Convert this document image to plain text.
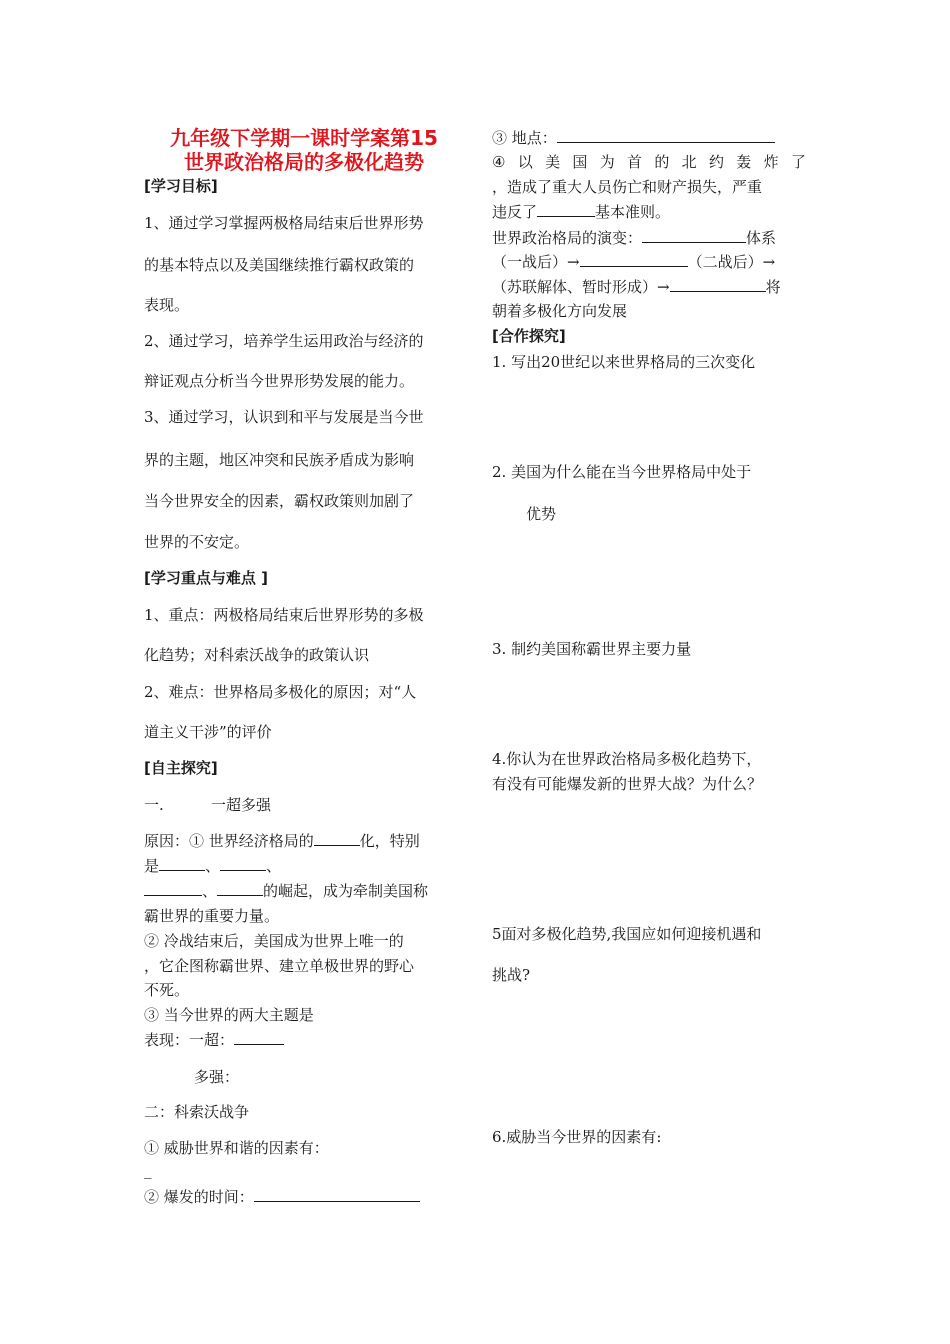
九年级下学期一课时学案第15
世界政治格局的多极化趋势
[学习目标]
1、通过学习掌握两极格局结束后世界形势
的基本特点以及美国继续推行霸权政策的
表现。
2、通过学习，培养学生运用政治与经济的
辩证观点分析当今世界形势发展的能力。
3、通过学习，认识到和平与发展是当今世
界的主题，地区冲突和民族矛盾成为影响
当今世界安全的因素，霸权政策则加剧了
世界的不安定。
[学习重点与难点 ]
1、重点：两极格局结束后世界形势的多极
化趋势；对科索沃战争的政策认识
2、难点：世界格局多极化的原因；对“人
道主义干涉”的评价
[自主探究]
一.	一超多强
原因：① 世界经济格局的	化，特别
是	、	、
、	的崛起，成为牵制美国称
霸世界的重要力量。
② 冷战结束后，美国成为世界上唯一的
，它企图称霸世界、建立单极世界的野心
不死。
③ 当今世界的两大主题是
表现：一超：
多强：
二：科索沃战争
① 威胁世界和谐的因素有：
_
② 爆发的时间：
③ 地点：
④ 以 美 国 为 首 的 北 约 轰 炸 了
，造成了重大人员伤亡和财产损失，严重
违反了	基本准则。
世界政治格局的演变：	体系
（一战后）→	（二战后）→
（苏联解体、暂时形成）→	将
朝着多极化方向发展
[合作探究]
1. 写出20世纪以来世界格局的三次变化
2. 美国为什么能在当今世界格局中处于
优势
3. 制约美国称霸世界主要力量
4.你认为在世界政治格局多极化趋势下，
有没有可能爆发新的世界大战？为什么？
5面对多极化趋势,我国应如何迎接机遇和
挑战?
6.威胁当今世界的因素有:
